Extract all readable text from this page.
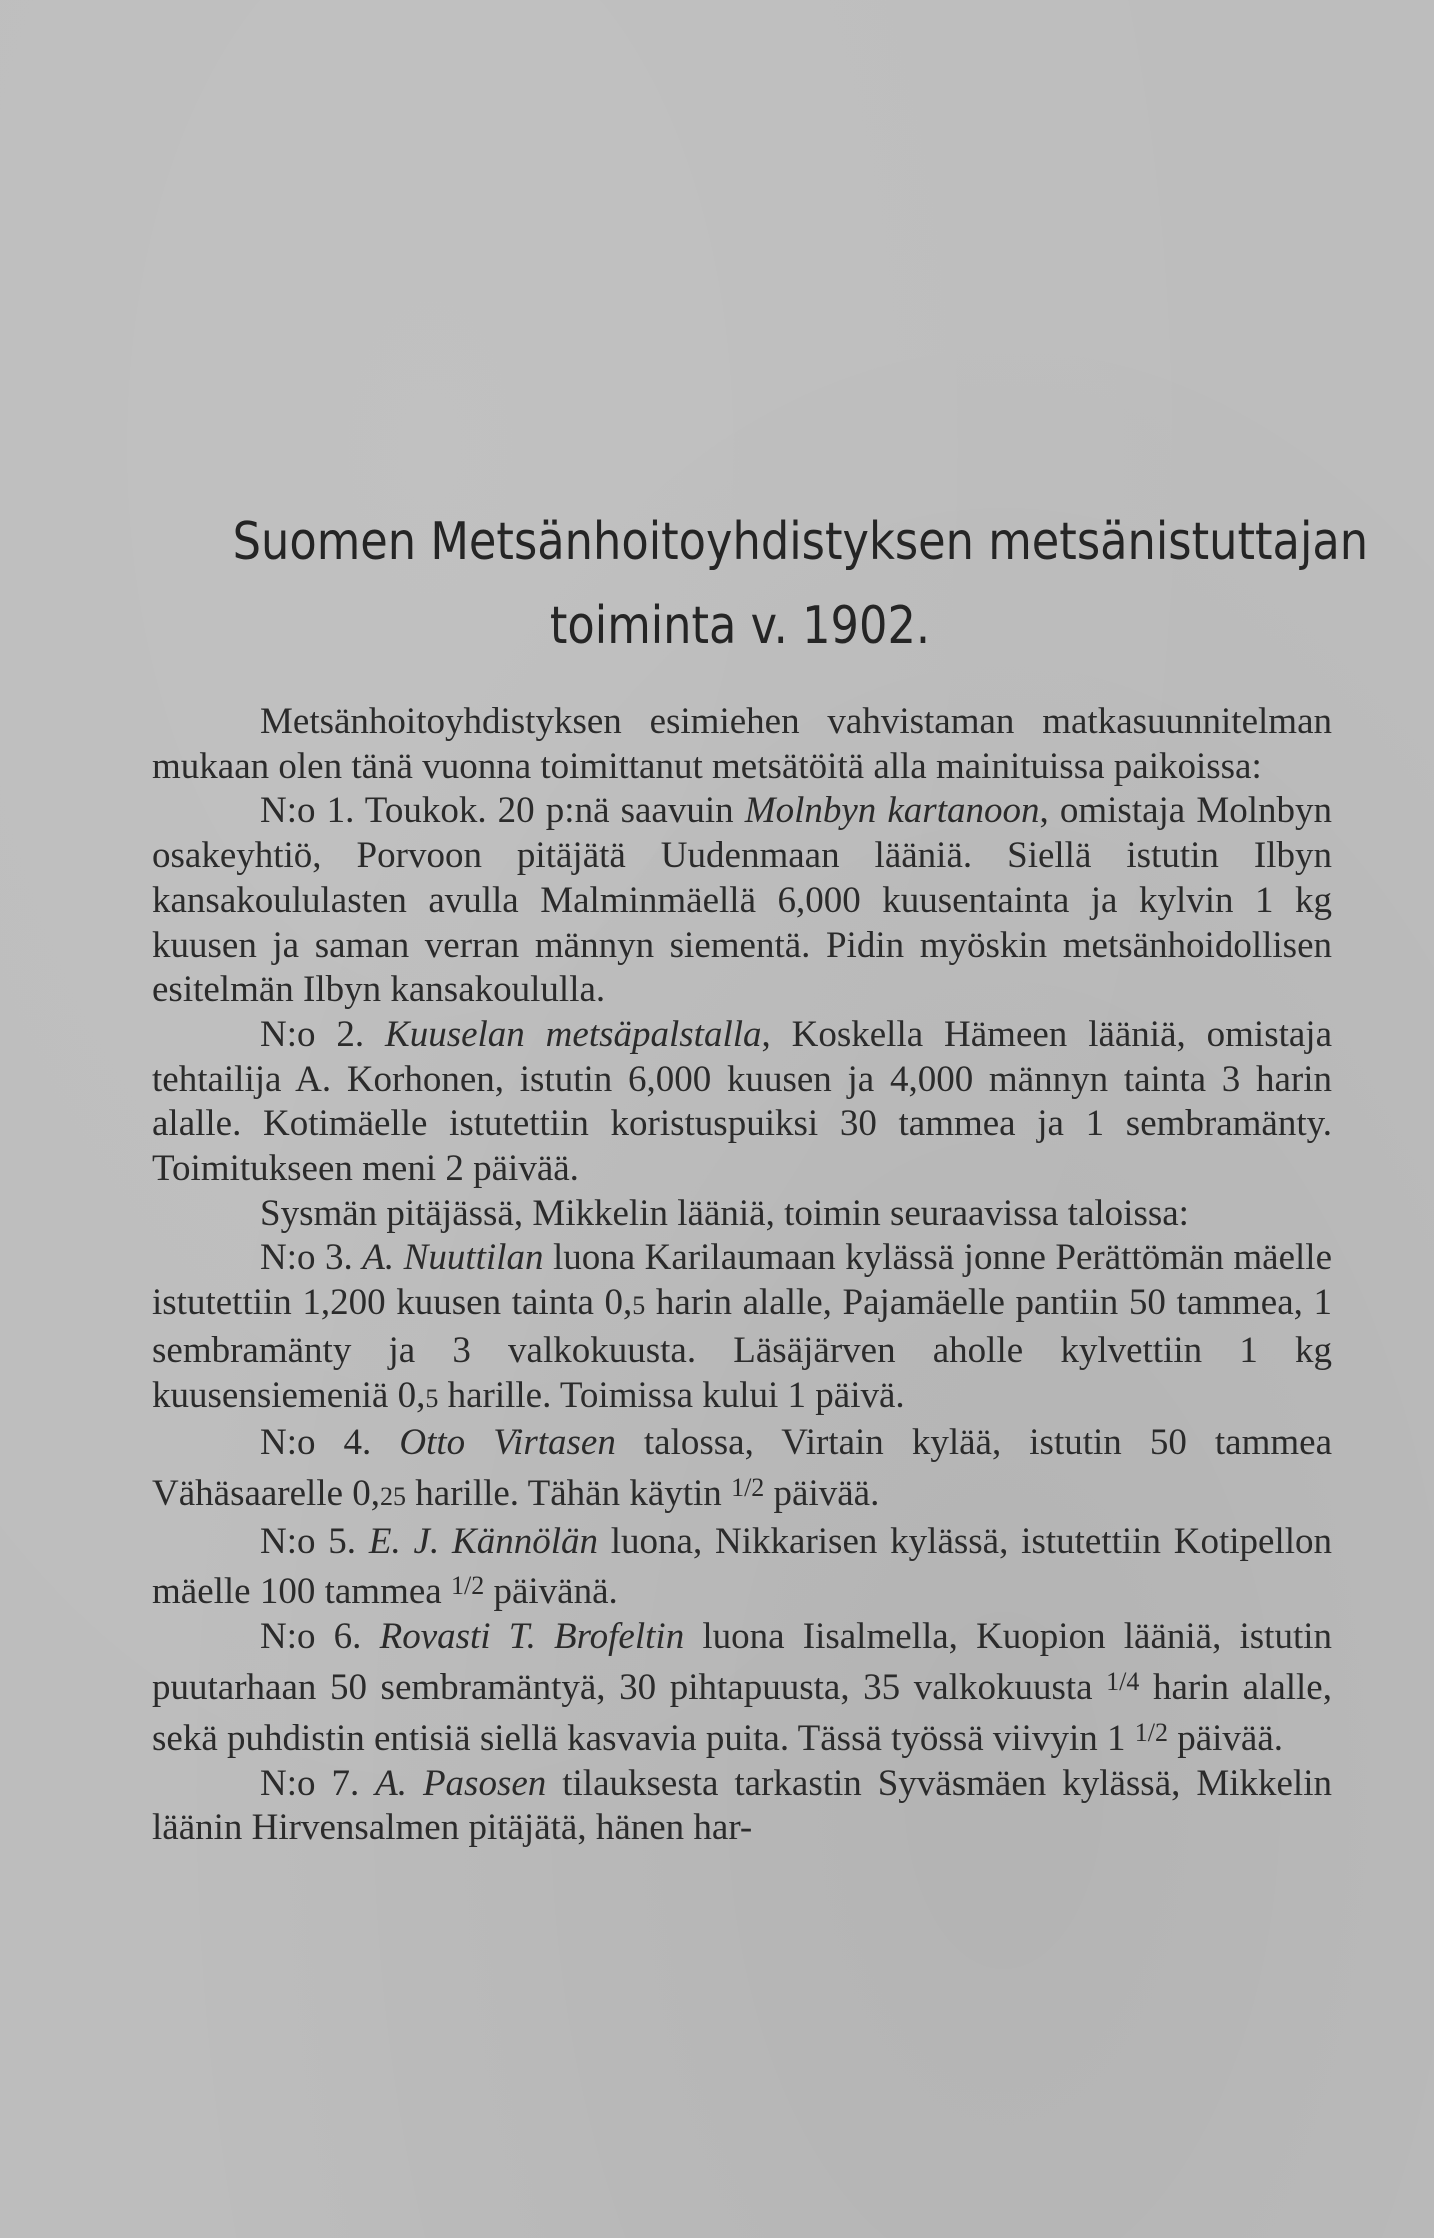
Suomen Metsänhoitoyhdistyksen metsänistuttajan
toiminta v. 1902.

Metsänhoitoyhdistyksen esimiehen vahvistaman matkasuunnitelman mukaan olen tänä vuonna toimittanut metsätöitä alla mainituissa paikoissa:

N:o 1. Toukok. 20 p:nä saavuin Molnbyn kartanoon, omistaja Molnbyn osakeyhtiö, Porvoon pitäjätä Uudenmaan lääniä. Siellä istutin Ilbyn kansakoululasten avulla Malminmäellä 6,000 kuusentainta ja kylvin 1 kg kuusen ja saman verran männyn siementä. Pidin myöskin metsänhoidollisen esitelmän Ilbyn kansakoululla.

N:o 2. Kuuselan metsäpalstalla, Koskella Hämeen lääniä, omistaja tehtailija A. Korhonen, istutin 6,000 kuusen ja 4,000 männyn tainta 3 harin alalle. Kotimäelle istutettiin koristuspuiksi 30 tammea ja 1 sembramänty. Toimitukseen meni 2 päivää.

Sysmän pitäjässä, Mikkelin lääniä, toimin seuraavissa taloissa:

N:o 3. A. Nuuttilan luona Karilaumaan kylässä jonne Perättömän mäelle istutettiin 1,200 kuusen tainta 0,5 harin alalle, Pajamäelle pantiin 50 tammea, 1 sembramänty ja 3 valkokuusta. Läsäjärven aholle kylvettiin 1 kg kuusensiemeniä 0,5 harille. Toimissa kului 1 päivä.

N:o 4. Otto Virtasen talossa, Virtain kylää, istutin 50 tammea Vähäsaarelle 0,25 harille. Tähän käytin $^{1/2}$ päivää.

N:o 5. E. J. Kännölän luona, Nikkarisen kylässä, istutettiin Kotipellon mäelle 100 tammea $^{1/2}$ päivänä.

N:o 6. Rovasti T. Brofeltin luona Iisalmella, Kuopion lääniä, istutin puutarhaan 50 sembramäntyä, 30 pihtapuusta, 35 valkokuusta $^{1/4}$ harin alalle, sekä puhdistin entisiä siellä kasvavia puita. Tässä työssä viivyin 1 $^{1/2}$ päivää.

N:o 7. A. Pasosen tilauksesta tarkastin Syväsmäen kylässä, Mikkelin läänin Hirvensalmen pitäjätä, hänen har-
